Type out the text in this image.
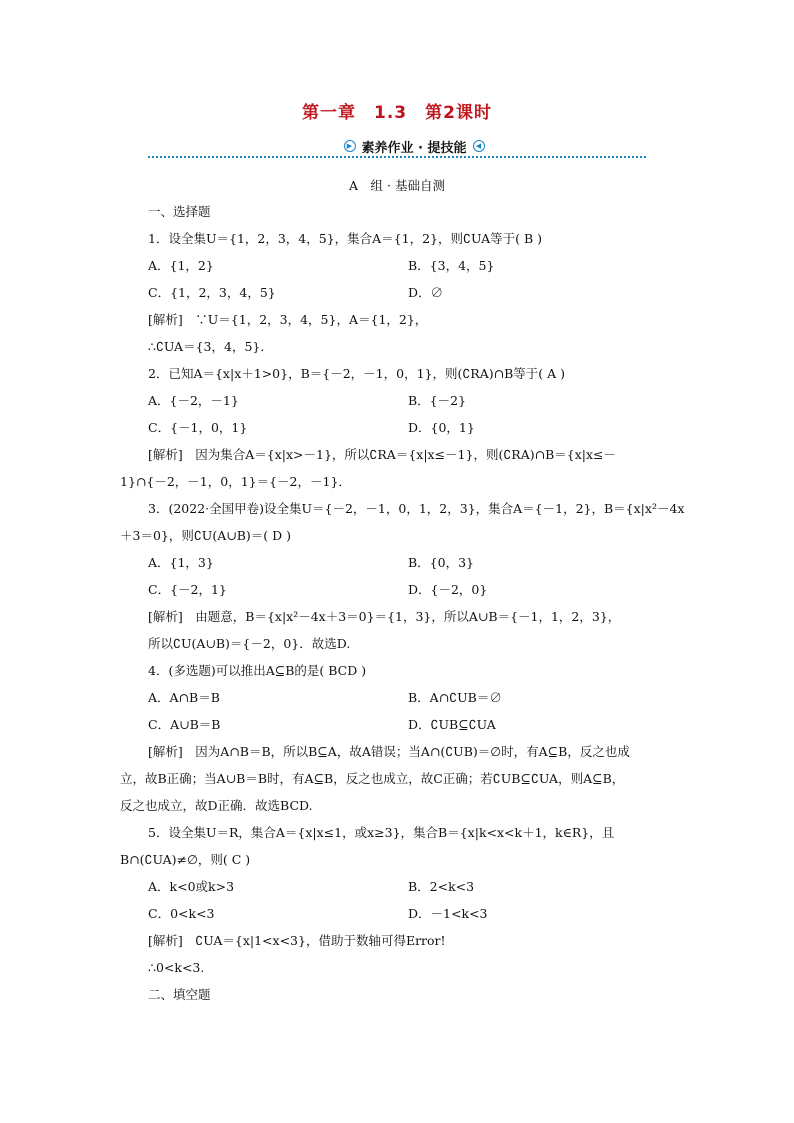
第一章　1.3　第2课时
▶ 素养作业 · 提技能	◀
A　组 · 基础自测
一、选择题
1．设全集U＝{1，2，3，4，5}，集合A＝{1，2}，则∁UA等于( B )
A．{1，2}	B．{3，4，5}
C．{1，2，3，4，5}	D．∅
[解析]　∵U＝{1，2，3，4，5}，A＝{1，2}，
∴∁UA＝{3，4，5}．
2．已知A＝{x|x＋1>0}，B＝{－2，－1，0，1}，则(∁RA)∩B等于( A )
A．{－2，－1}	B．{－2}
C．{－1，0，1}	D．{0，1}
[解析]　因为集合A＝{x|x>－1}，所以∁RA＝{x|x≤－1}，则(∁RA)∩B＝{x|x≤－
1}∩{－2，－1，0，1}＝{－2，－1}．
3．(2022·全国甲卷)设全集U＝{－2，－1，0，1，2，3}，集合A＝{－1，2}，B＝{x|x²－4x
＋3＝0}，则∁U(A∪B)＝( D )
A．{1，3}	B．{0，3}
C．{－2，1}	D．{－2，0}
[解析]　由题意，B＝{x|x²－4x＋3＝0}＝{1，3}，所以A∪B＝{－1，1，2，3}，
所以∁U(A∪B)＝{－2，0}．故选D.
4．(多选题)可以推出A⊆B的是( BCD )
A．A∩B＝B	B．A∩∁UB＝∅
C．A∪B＝B	D．∁UB⊆∁UA
[解析]　因为A∩B＝B，所以B⊆A，故A错误；当A∩(∁UB)＝∅时，有A⊆B，反之也成
立，故B正确；当A∪B＝B时，有A⊆B，反之也成立，故C正确；若∁UB⊆∁UA，则A⊆B，
反之也成立，故D正确．故选BCD.
5．设全集U＝R，集合A＝{x|x≤1，或x≥3}，集合B＝{x|k<x<k＋1，k∈R}，且
B∩(∁UA)≠∅，则( C )
A．k<0或k>3	B．2<k<3
C．0<k<3	D．－1<k<3
[解析]　∁UA＝{x|1<x<3}，借助于数轴可得Error!
∴0<k<3.
二、填空题
